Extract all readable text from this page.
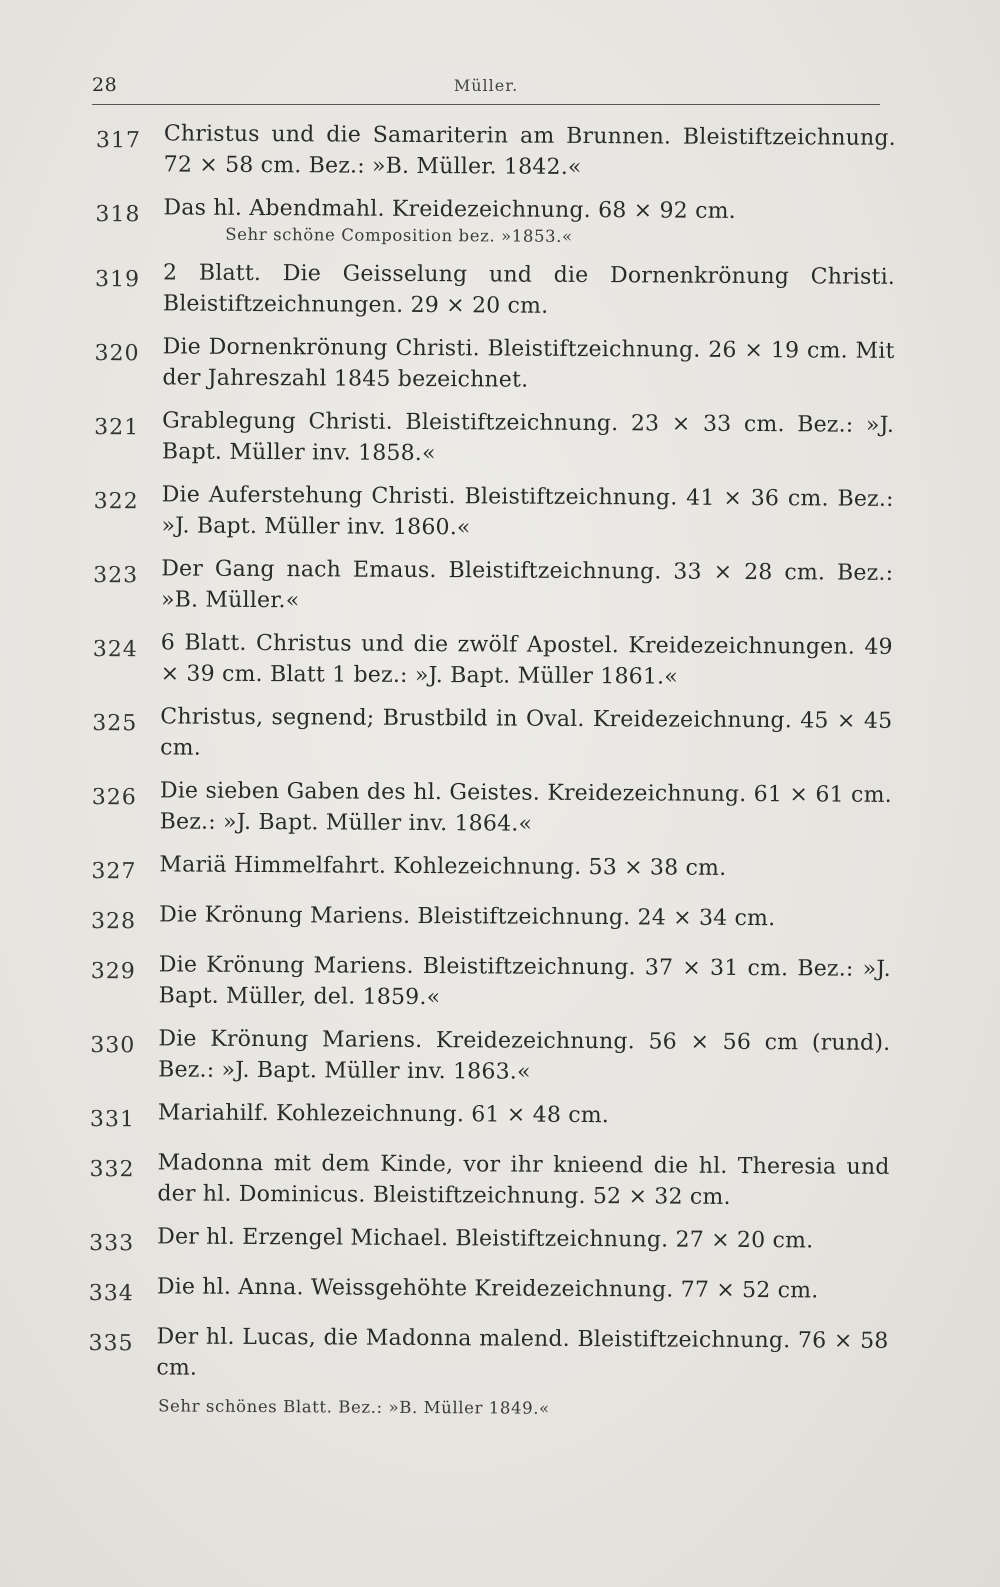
28	Müller.
317	Christus und die Samariterin am Brunnen. Bleistiftzeichnung. 72 × 58 cm. Bez.: »B. Müller. 1842.«
318	Das hl. Abendmahl. Kreidezeichnung. 68 × 92 cm.
Sehr schöne Composition bez. »1853.«
319	2 Blatt. Die Geisselung und die Dornenkrönung Christi. Bleistiftzeichnungen. 29 × 20 cm.
320	Die Dornenkrönung Christi. Bleistiftzeichnung. 26 × 19 cm. Mit der Jahreszahl 1845 bezeichnet.
321	Grablegung Christi. Bleistiftzeichnung. 23 × 33 cm. Bez.: »J. Bapt. Müller inv. 1858.«
322	Die Auferstehung Christi. Bleistiftzeichnung. 41 × 36 cm. Bez.: »J. Bapt. Müller inv. 1860.«
323	Der Gang nach Emaus. Bleistiftzeichnung. 33 × 28 cm. Bez.: »B. Müller.«
324	6 Blatt. Christus und die zwölf Apostel. Kreidezeichnungen. 49 × 39 cm. Blatt 1 bez.: »J. Bapt. Müller 1861.«
325	Christus, segnend; Brustbild in Oval. Kreidezeichnung. 45 × 45 cm.
326	Die sieben Gaben des hl. Geistes. Kreidezeichnung. 61 × 61 cm. Bez.: »J. Bapt. Müller inv. 1864.«
327	Mariä Himmelfahrt. Kohlezeichnung. 53 × 38 cm.
328	Die Krönung Mariens. Bleistiftzeichnung. 24 × 34 cm.
329	Die Krönung Mariens. Bleistiftzeichnung. 37 × 31 cm. Bez.: »J. Bapt. Müller, del. 1859.«
330	Die Krönung Mariens. Kreidezeichnung. 56 × 56 cm (rund). Bez.: »J. Bapt. Müller inv. 1863.«
331	Mariahilf. Kohlezeichnung. 61 × 48 cm.
332	Madonna mit dem Kinde, vor ihr knieend die hl. Theresia und der hl. Dominicus. Bleistiftzeichnung. 52 × 32 cm.
333	Der hl. Erzengel Michael. Bleistiftzeichnung. 27 × 20 cm.
334	Die hl. Anna. Weissgehöhte Kreidezeichnung. 77 × 52 cm.
335	Der hl. Lucas, die Madonna malend. Bleistiftzeichnung. 76 × 58 cm.
Sehr schönes Blatt. Bez.: »B. Müller 1849.«
